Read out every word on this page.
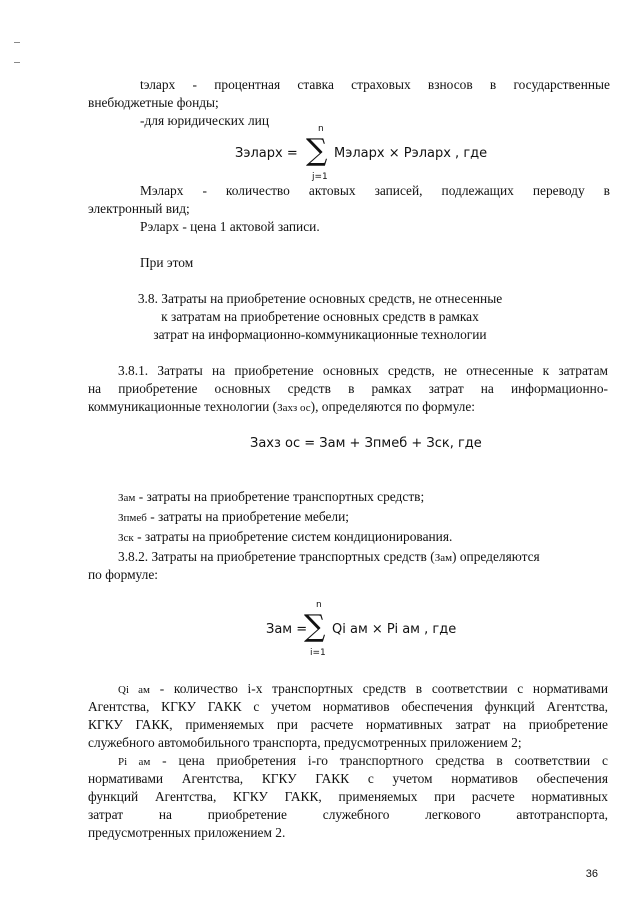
tэларх - процентная ставка страховых взносов в государственные
внебюджетные фонды;
-для юридических лиц
Зэларх =
n
∑
j=1
Mэларх × Pэларх , где
Mэларх - количество актовых записей, подлежащих переводу в
электронный вид;
Pэларх - цена 1 актовой записи.
При этом
3.8. Затраты на приобретение основных средств, не отнесенные
к затратам на приобретение основных средств в рамках
затрат на информационно-коммуникационные технологии
3.8.1. Затраты на приобретение основных средств, не отнесенные к затратам
на приобретение основных средств в рамках затрат на информационно-
коммуникационные технологии (Захз ос), определяются по формуле:
Захз ос = Зам + Зпмеб + Зск, где
Зам - затраты на приобретение транспортных средств;
Зпмеб - затраты на приобретение мебели;
Зск - затраты на приобретение систем кондиционирования.
3.8.2. Затраты на приобретение транспортных средств (Зам) определяются
по формуле:
Зам =
n
∑
i=1
Qi ам × Pi ам , где
Qi ам - количество i-х транспортных средств в соответствии с нормативами
Агентства, КГКУ ГАКК с учетом нормативов обеспечения функций Агентства,
КГКУ ГАКК, применяемых при расчете нормативных затрат на приобретение
служебного автомобильного транспорта, предусмотренных приложением 2;
Pi ам - цена приобретения i-го транспортного средства в соответствии с
нормативами Агентства, КГКУ ГАКК с учетом нормативов обеспечения
функций Агентства, КГКУ ГАКК, применяемых при расчете нормативных
затрат на приобретение служебного легкового автотранспорта,
предусмотренных приложением 2.
36
